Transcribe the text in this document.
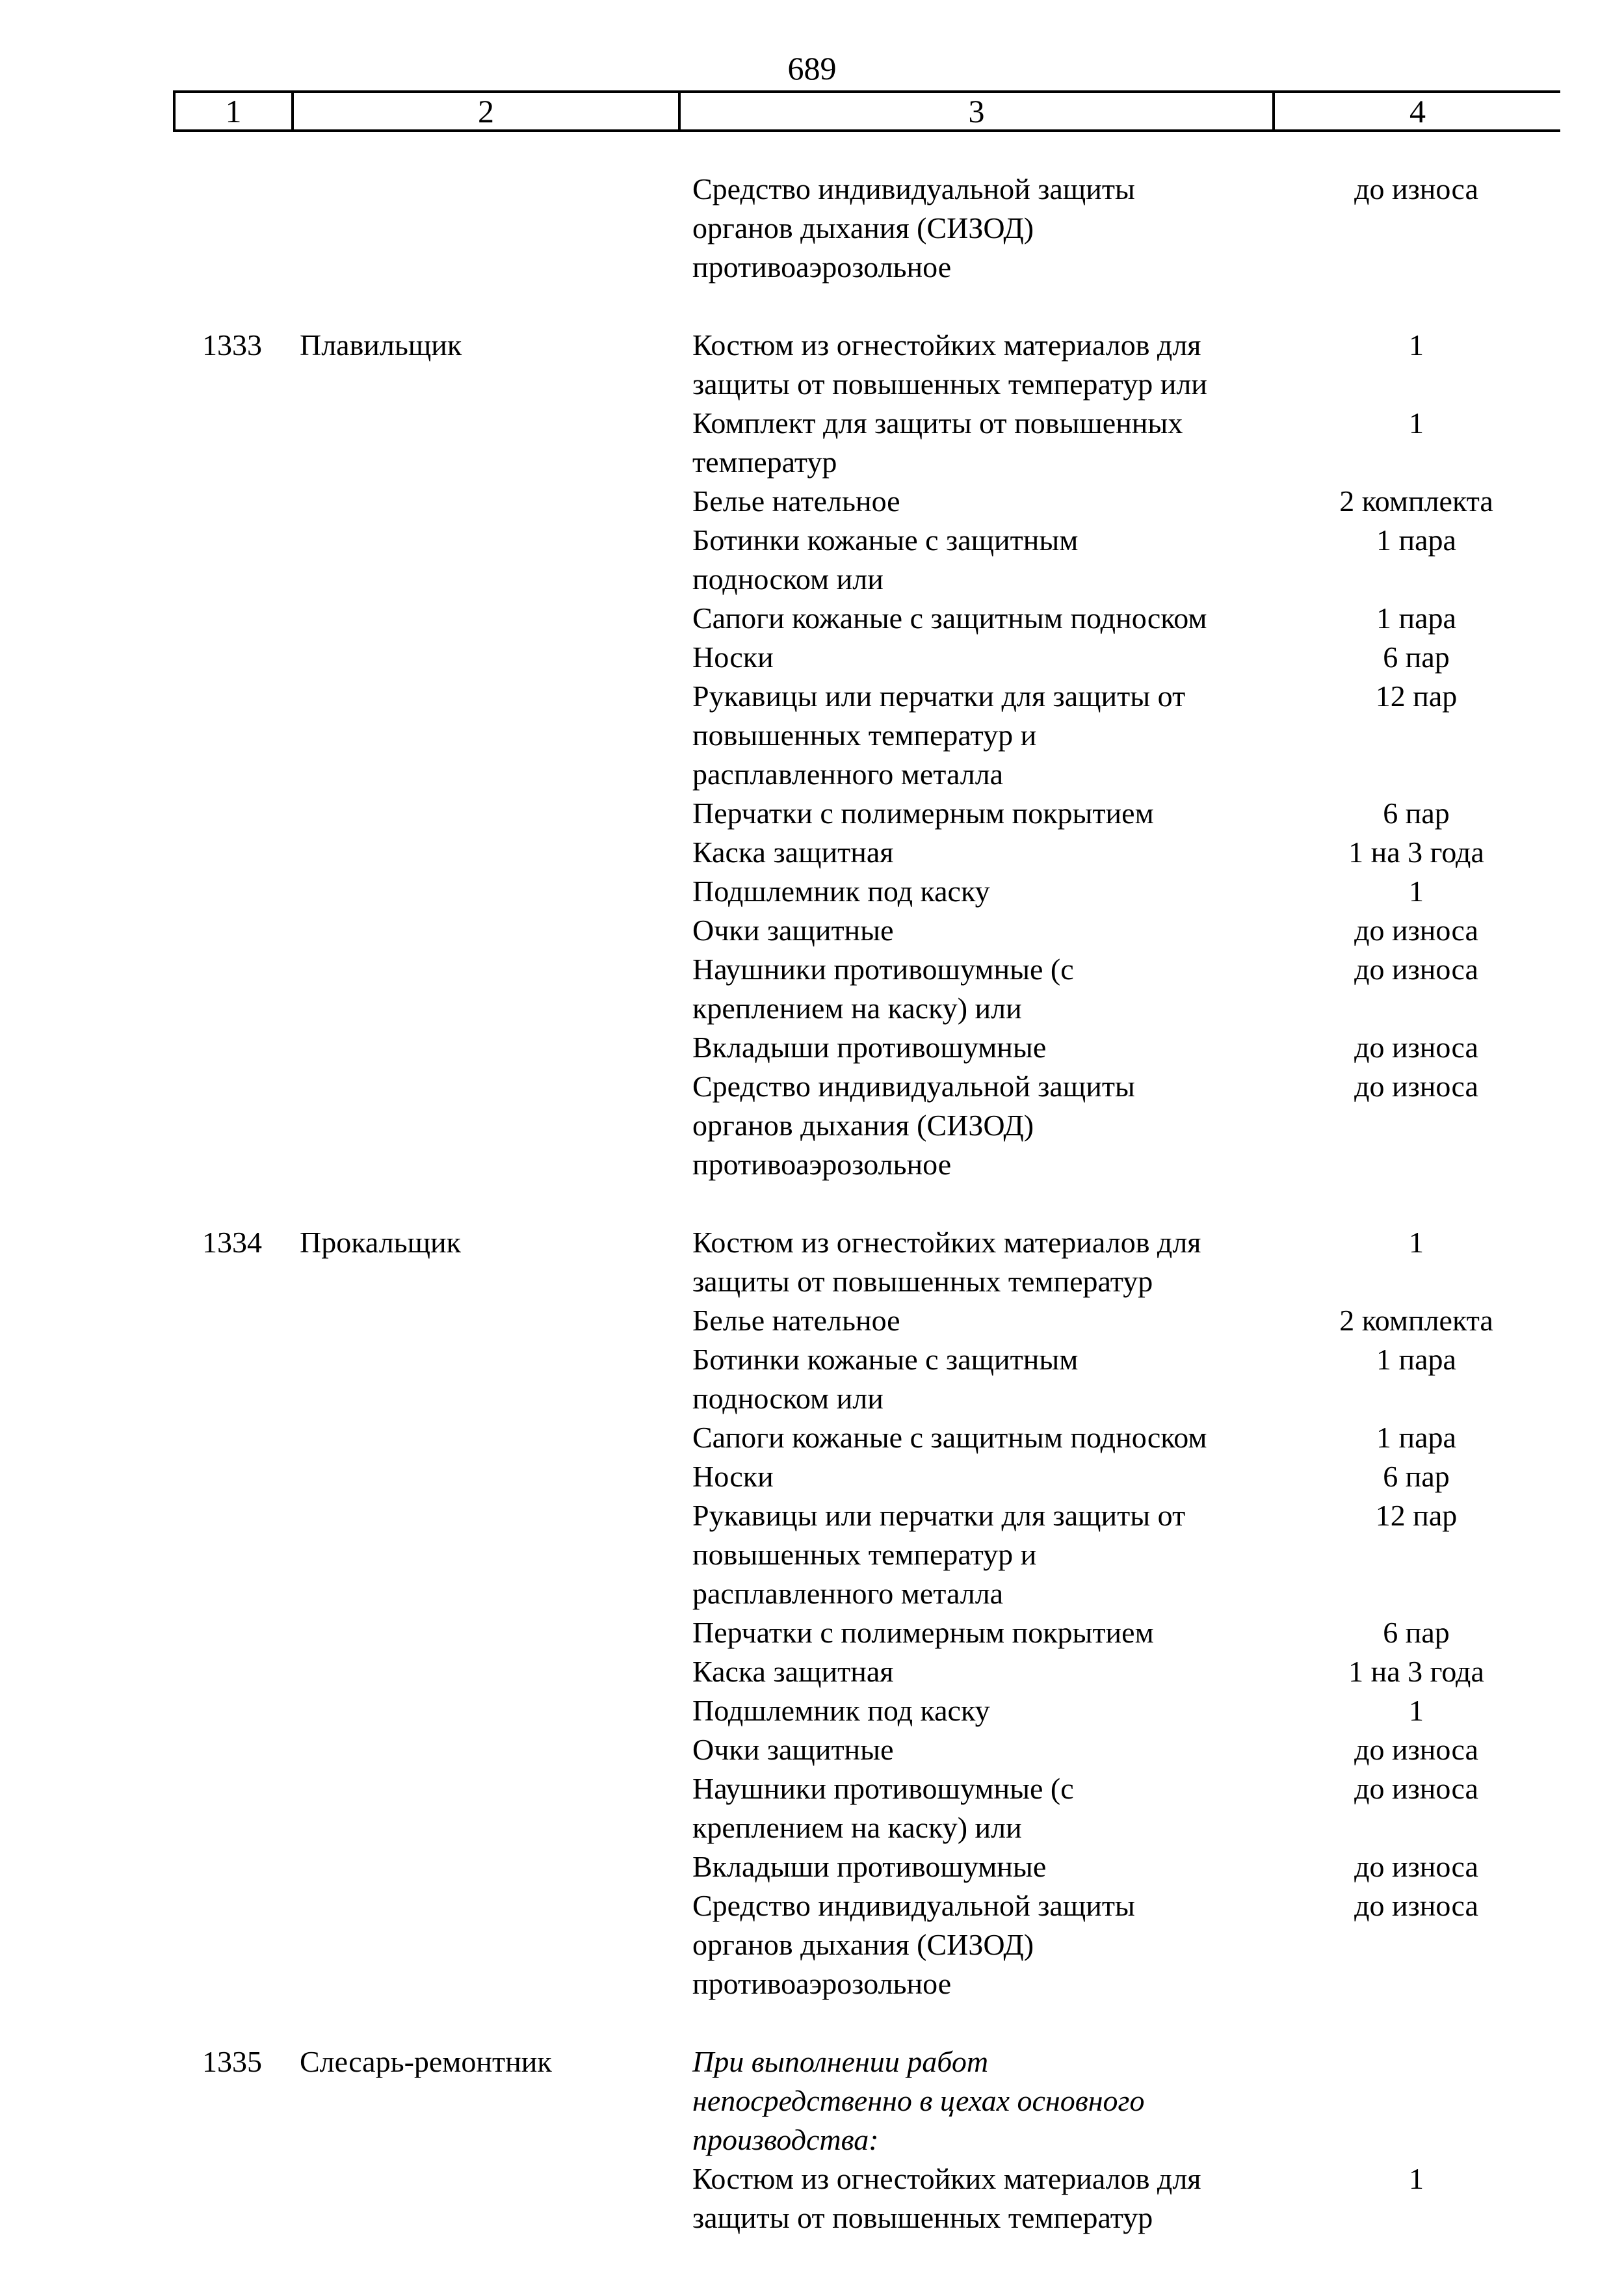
689
1	2	3	4
Средство индивидуальной защиты
органов дыхания (СИЗОД)
противоаэрозольное
до износа
1333	Плавильщик	Костюм из огнестойких материалов для
защиты от повышенных температур или
1
Комплект для защиты от повышенных
температур
1
Белье нательное	2 комплекта
Ботинки кожаные с защитным
подноском или
1 пара
Сапоги кожаные с защитным подноском	1 пара
Носки	6 пар
Рукавицы или перчатки для защиты от
повышенных температур и
расплавленного металла
12 пар
Перчатки с полимерным покрытием	6 пар
Каска защитная	1 на 3 года
Подшлемник под каску	1
Очки защитные	до износа
Наушники противошумные (с
креплением на каску) или
до износа
Вкладыши противошумные	до износа
Средство индивидуальной защиты
органов дыхания (СИЗОД)
противоаэрозольное
до износа
1334	Прокальщик	Костюм из огнестойких материалов для
защиты от повышенных температур
1
Белье нательное	2 комплекта
Ботинки кожаные с защитным
подноском или
1 пара
Сапоги кожаные с защитным подноском	1 пара
Носки	6 пар
Рукавицы или перчатки для защиты от
повышенных температур и
расплавленного металла
12 пар
Перчатки с полимерным покрытием	6 пар
Каска защитная	1 на 3 года
Подшлемник под каску	1
Очки защитные	до износа
Наушники противошумные (с
креплением на каску) или
до износа
Вкладыши противошумные	до износа
Средство индивидуальной защиты
органов дыхания (СИЗОД)
противоаэрозольное
до износа
1335	Слесарь-ремонтник	При выполнении работ
непосредственно в цехах основного
производства:
Костюм из огнестойких материалов для
защиты от повышенных температур
1
